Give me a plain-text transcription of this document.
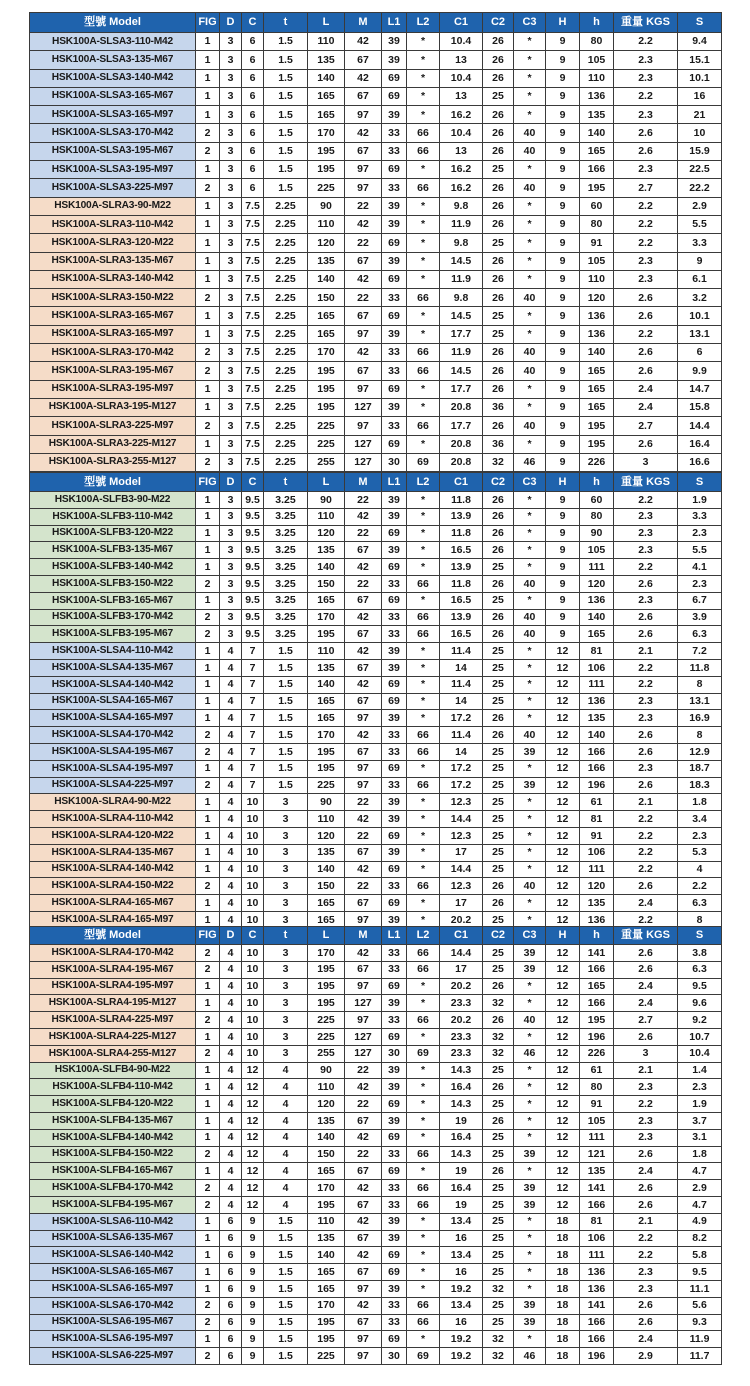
型號 Model	FIG	D	C	t	L	M	L1	L2	C1	C2	C3	H	h	重量 KGS	S
HSK100A-SLSA3-110-M42	1	3	6	1.5	110	42	39	*	10.4	26	*	9	80	2.2	9.4
HSK100A-SLSA3-135-M67	1	3	6	1.5	135	67	39	*	13	26	*	9	105	2.3	15.1
HSK100A-SLSA3-140-M42	1	3	6	1.5	140	42	69	*	10.4	26	*	9	110	2.3	10.1
HSK100A-SLSA3-165-M67	1	3	6	1.5	165	67	69	*	13	25	*	9	136	2.2	16
HSK100A-SLSA3-165-M97	1	3	6	1.5	165	97	39	*	16.2	26	*	9	135	2.3	21
HSK100A-SLSA3-170-M42	2	3	6	1.5	170	42	33	66	10.4	26	40	9	140	2.6	10
HSK100A-SLSA3-195-M67	2	3	6	1.5	195	67	33	66	13	26	40	9	165	2.6	15.9
HSK100A-SLSA3-195-M97	1	3	6	1.5	195	97	69	*	16.2	25	*	9	166	2.3	22.5
HSK100A-SLSA3-225-M97	2	3	6	1.5	225	97	33	66	16.2	26	40	9	195	2.7	22.2
HSK100A-SLRA3-90-M22	1	3	7.5	2.25	90	22	39	*	9.8	26	*	9	60	2.2	2.9
HSK100A-SLRA3-110-M42	1	3	7.5	2.25	110	42	39	*	11.9	26	*	9	80	2.2	5.5
HSK100A-SLRA3-120-M22	1	3	7.5	2.25	120	22	69	*	9.8	25	*	9	91	2.2	3.3
HSK100A-SLRA3-135-M67	1	3	7.5	2.25	135	67	39	*	14.5	26	*	9	105	2.3	9
HSK100A-SLRA3-140-M42	1	3	7.5	2.25	140	42	69	*	11.9	26	*	9	110	2.3	6.1
HSK100A-SLRA3-150-M22	2	3	7.5	2.25	150	22	33	66	9.8	26	40	9	120	2.6	3.2
HSK100A-SLRA3-165-M67	1	3	7.5	2.25	165	67	69	*	14.5	25	*	9	136	2.6	10.1
HSK100A-SLRA3-165-M97	1	3	7.5	2.25	165	97	39	*	17.7	25	*	9	136	2.2	13.1
HSK100A-SLRA3-170-M42	2	3	7.5	2.25	170	42	33	66	11.9	26	40	9	140	2.6	6
HSK100A-SLRA3-195-M67	2	3	7.5	2.25	195	67	33	66	14.5	26	40	9	165	2.6	9.9
HSK100A-SLRA3-195-M97	1	3	7.5	2.25	195	97	69	*	17.7	26	*	9	165	2.4	14.7
HSK100A-SLRA3-195-M127	1	3	7.5	2.25	195	127	39	*	20.8	36	*	9	165	2.4	15.8
HSK100A-SLRA3-225-M97	2	3	7.5	2.25	225	97	33	66	17.7	26	40	9	195	2.7	14.4
HSK100A-SLRA3-225-M127	1	3	7.5	2.25	225	127	69	*	20.8	36	*	9	195	2.6	16.4
HSK100A-SLRA3-255-M127	2	3	7.5	2.25	255	127	30	69	20.8	32	46	9	226	3	16.6
型號 Model	FIG	D	C	t	L	M	L1	L2	C1	C2	C3	H	h	重量 KGS	S
HSK100A-SLFB3-90-M22	1	3	9.5	3.25	90	22	39	*	11.8	26	*	9	60	2.2	1.9
HSK100A-SLFB3-110-M42	1	3	9.5	3.25	110	42	39	*	13.9	26	*	9	80	2.3	3.3
HSK100A-SLFB3-120-M22	1	3	9.5	3.25	120	22	69	*	11.8	26	*	9	90	2.3	2.3
HSK100A-SLFB3-135-M67	1	3	9.5	3.25	135	67	39	*	16.5	26	*	9	105	2.3	5.5
HSK100A-SLFB3-140-M42	1	3	9.5	3.25	140	42	69	*	13.9	25	*	9	111	2.2	4.1
HSK100A-SLFB3-150-M22	2	3	9.5	3.25	150	22	33	66	11.8	26	40	9	120	2.6	2.3
HSK100A-SLFB3-165-M67	1	3	9.5	3.25	165	67	69	*	16.5	25	*	9	136	2.3	6.7
HSK100A-SLFB3-170-M42	2	3	9.5	3.25	170	42	33	66	13.9	26	40	9	140	2.6	3.9
HSK100A-SLFB3-195-M67	2	3	9.5	3.25	195	67	33	66	16.5	26	40	9	165	2.6	6.3
HSK100A-SLSA4-110-M42	1	4	7	1.5	110	42	39	*	11.4	25	*	12	81	2.1	7.2
HSK100A-SLSA4-135-M67	1	4	7	1.5	135	67	39	*	14	25	*	12	106	2.2	11.8
HSK100A-SLSA4-140-M42	1	4	7	1.5	140	42	69	*	11.4	25	*	12	111	2.2	8
HSK100A-SLSA4-165-M67	1	4	7	1.5	165	67	69	*	14	25	*	12	136	2.3	13.1
HSK100A-SLSA4-165-M97	1	4	7	1.5	165	97	39	*	17.2	26	*	12	135	2.3	16.9
HSK100A-SLSA4-170-M42	2	4	7	1.5	170	42	33	66	11.4	26	40	12	140	2.6	8
HSK100A-SLSA4-195-M67	2	4	7	1.5	195	67	33	66	14	25	39	12	166	2.6	12.9
HSK100A-SLSA4-195-M97	1	4	7	1.5	195	97	69	*	17.2	25	*	12	166	2.3	18.7
HSK100A-SLSA4-225-M97	2	4	7	1.5	225	97	33	66	17.2	25	39	12	196	2.6	18.3
HSK100A-SLRA4-90-M22	1	4	10	3	90	22	39	*	12.3	25	*	12	61	2.1	1.8
HSK100A-SLRA4-110-M42	1	4	10	3	110	42	39	*	14.4	25	*	12	81	2.2	3.4
HSK100A-SLRA4-120-M22	1	4	10	3	120	22	69	*	12.3	25	*	12	91	2.2	2.3
HSK100A-SLRA4-135-M67	1	4	10	3	135	67	39	*	17	25	*	12	106	2.2	5.3
HSK100A-SLRA4-140-M42	1	4	10	3	140	42	69	*	14.4	25	*	12	111	2.2	4
HSK100A-SLRA4-150-M22	2	4	10	3	150	22	33	66	12.3	26	40	12	120	2.6	2.2
HSK100A-SLRA4-165-M67	1	4	10	3	165	67	69	*	17	26	*	12	135	2.4	6.3
HSK100A-SLRA4-165-M97	1	4	10	3	165	97	39	*	20.2	25	*	12	136	2.2	8
型號 Model	FIG	D	C	t	L	M	L1	L2	C1	C2	C3	H	h	重量 KGS	S
HSK100A-SLRA4-170-M42	2	4	10	3	170	42	33	66	14.4	25	39	12	141	2.6	3.8
HSK100A-SLRA4-195-M67	2	4	10	3	195	67	33	66	17	25	39	12	166	2.6	6.3
HSK100A-SLRA4-195-M97	1	4	10	3	195	97	69	*	20.2	26	*	12	165	2.4	9.5
HSK100A-SLRA4-195-M127	1	4	10	3	195	127	39	*	23.3	32	*	12	166	2.4	9.6
HSK100A-SLRA4-225-M97	2	4	10	3	225	97	33	66	20.2	26	40	12	195	2.7	9.2
HSK100A-SLRA4-225-M127	1	4	10	3	225	127	69	*	23.3	32	*	12	196	2.6	10.7
HSK100A-SLRA4-255-M127	2	4	10	3	255	127	30	69	23.3	32	46	12	226	3	10.4
HSK100A-SLFB4-90-M22	1	4	12	4	90	22	39	*	14.3	25	*	12	61	2.1	1.4
HSK100A-SLFB4-110-M42	1	4	12	4	110	42	39	*	16.4	26	*	12	80	2.3	2.3
HSK100A-SLFB4-120-M22	1	4	12	4	120	22	69	*	14.3	25	*	12	91	2.2	1.9
HSK100A-SLFB4-135-M67	1	4	12	4	135	67	39	*	19	26	*	12	105	2.3	3.7
HSK100A-SLFB4-140-M42	1	4	12	4	140	42	69	*	16.4	25	*	12	111	2.3	3.1
HSK100A-SLFB4-150-M22	2	4	12	4	150	22	33	66	14.3	25	39	12	121	2.6	1.8
HSK100A-SLFB4-165-M67	1	4	12	4	165	67	69	*	19	26	*	12	135	2.4	4.7
HSK100A-SLFB4-170-M42	2	4	12	4	170	42	33	66	16.4	25	39	12	141	2.6	2.9
HSK100A-SLFB4-195-M67	2	4	12	4	195	67	33	66	19	25	39	12	166	2.6	4.7
HSK100A-SLSA6-110-M42	1	6	9	1.5	110	42	39	*	13.4	25	*	18	81	2.1	4.9
HSK100A-SLSA6-135-M67	1	6	9	1.5	135	67	39	*	16	25	*	18	106	2.2	8.2
HSK100A-SLSA6-140-M42	1	6	9	1.5	140	42	69	*	13.4	25	*	18	111	2.2	5.8
HSK100A-SLSA6-165-M67	1	6	9	1.5	165	67	69	*	16	25	*	18	136	2.3	9.5
HSK100A-SLSA6-165-M97	1	6	9	1.5	165	97	39	*	19.2	32	*	18	136	2.3	11.1
HSK100A-SLSA6-170-M42	2	6	9	1.5	170	42	33	66	13.4	25	39	18	141	2.6	5.6
HSK100A-SLSA6-195-M67	2	6	9	1.5	195	67	33	66	16	25	39	18	166	2.6	9.3
HSK100A-SLSA6-195-M97	1	6	9	1.5	195	97	69	*	19.2	32	*	18	166	2.4	11.9
HSK100A-SLSA6-225-M97	2	6	9	1.5	225	97	30	69	19.2	32	46	18	196	2.9	11.7
